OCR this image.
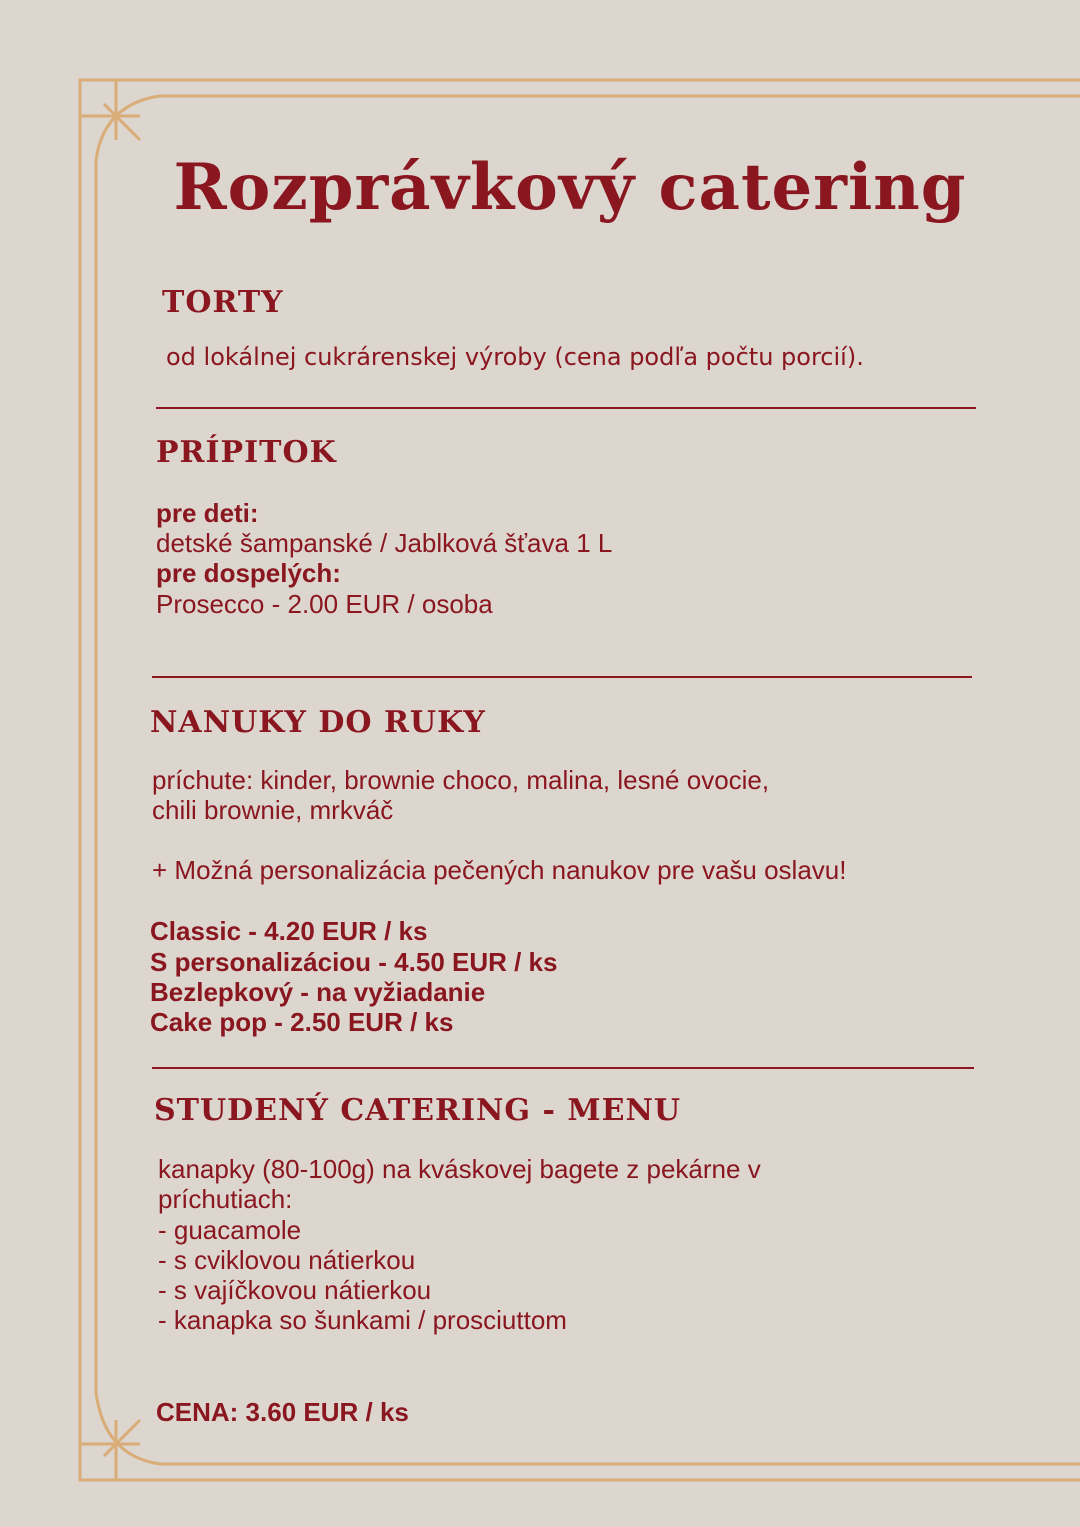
Rozprávkový catering
TORTY

od lokálnej cukrárenskej výroby (cena podľa počtu porcií).

PRÍPITOK

pre deti:

detské šampanské / Jablková šťava 1 L

pre dospelých:

Prosecco - 2.00 EUR / osoba

NANUKY DO RUKY

príchute: kinder, brownie choco, malina, lesné ovocie,

chili brownie, mrkváč

+ Možná personalizácia pečených nanukov pre vašu oslavu!

Classic - 4.20 EUR / ks

S personalizáciou - 4.50 EUR / ks

Bezlepkový - na vyžiadanie

Cake pop - 2.50 EUR / ks

STUDENÝ CATERING - MENU

kanapky (80-100g) na kváskovej bagete z pekárne v

príchutiach:

- guacamole

- s cviklovou nátierkou

- s vajíčkovou nátierkou

- kanapka so šunkami / prosciuttom

CENA: 3.60 EUR / ks
